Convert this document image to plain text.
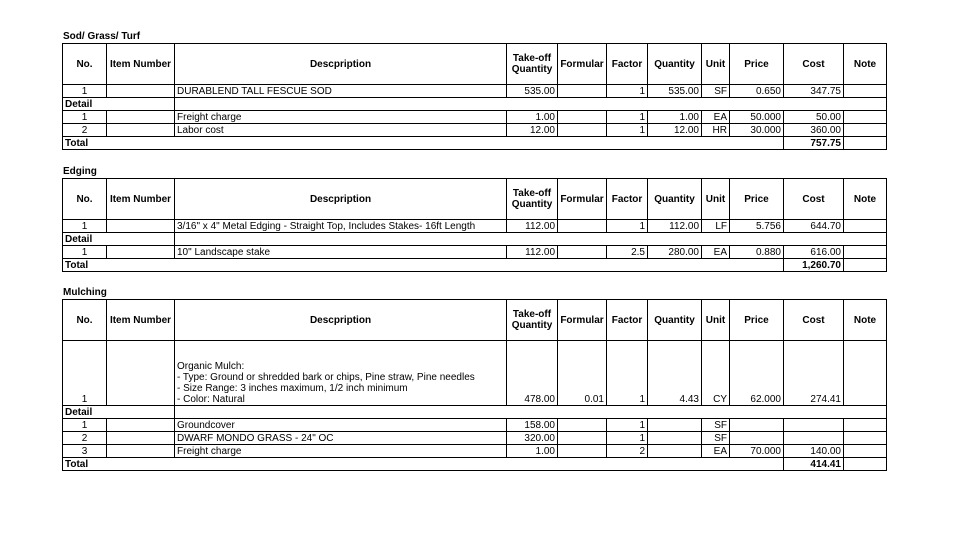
Sod/ Grass/ Turf
No.	Item Number	Descpription	Take-off Quantity	Formular	Factor	Quantity	Unit	Price	Cost	Note
1		DURABLEND TALL FESCUE SOD	535.00		1	535.00	SF	0.650	347.75	
Detail										
1		Freight charge	1.00		1	1.00	EA	50.000	50.00	
2		Labor cost	12.00		1	12.00	HR	30.000	360.00	
Total									757.75	
Edging
No.	Item Number	Descpription	Take-off Quantity	Formular	Factor	Quantity	Unit	Price	Cost	Note
1		3/16" x 4" Metal Edging - Straight Top, Includes Stakes- 16ft Length	112.00		1	112.00	LF	5.756	644.70	
Detail										
1		10" Landscape stake	112.00		2.5	280.00	EA	0.880	616.00	
Total									1,260.70	
Mulching
No.	Item Number	Descpription	Take-off Quantity	Formular	Factor	Quantity	Unit	Price	Cost	Note
1		Organic Mulch:
- Type: Ground or shredded bark or chips, Pine straw, Pine needles
- Size Range: 3 inches maximum, 1/2 inch minimum
- Color: Natural	478.00	0.01	1	4.43	CY	62.000	274.41	
Detail										
1		Groundcover	158.00		1		SF			
2		DWARF MONDO GRASS - 24" OC	320.00		1		SF			
3		Freight charge	1.00		2		EA	70.000	140.00	
Total									414.41	
